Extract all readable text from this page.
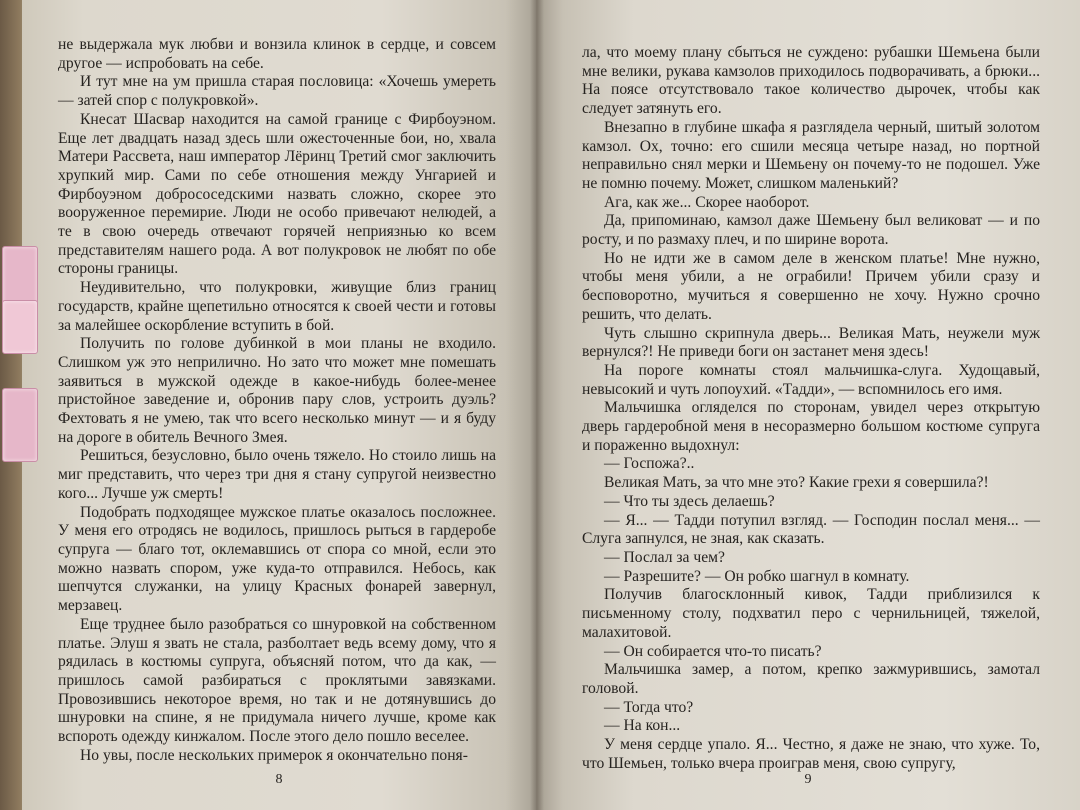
не выдержала мук любви и вонзила клинок в сердце, и совсем другое — испробовать на себе.

И тут мне на ум пришла старая пословица: «Хочешь умереть — затей спор с полукровкой».

Кнесат Шасвар находится на самой границе с Фирбоуэном. Еще лет двадцать назад здесь шли ожесточенные бои, но, хвала Матери Рассвета, наш император Лёринц Третий смог заключить хрупкий мир. Сами по себе отношения между Унгарией и Фирбоуэном добрососедскими назвать сложно, скорее это вооруженное перемирие. Люди не особо привечают нелюдей, а те в свою очередь отвечают горячей неприязнью ко всем представителям нашего рода. А вот полукровок не любят по обе стороны границы.

Неудивительно, что полукровки, живущие близ границ государств, крайне щепетильно относятся к своей чести и готовы за малейшее оскорбление вступить в бой.

Получить по голове дубинкой в мои планы не входило. Слишком уж это неприлично. Но зато что может мне помешать заявиться в мужской одежде в какое-нибудь более-менее пристойное заведение и, обронив пару слов, устроить дуэль? Фехтовать я не умею, так что всего несколько минут — и я буду на дороге в обитель Вечного Змея.

Решиться, безусловно, было очень тяжело. Но стоило лишь на миг представить, что через три дня я стану супругой неизвестно кого... Лучше уж смерть!

Подобрать подходящее мужское платье оказалось посложнее. У меня его отродясь не водилось, пришлось рыться в гардеробе супруга — благо тот, оклемавшись от спора со мной, если это можно назвать спором, уже куда-то отправился. Небось, как шепчутся служанки, на улицу Красных фонарей завернул, мерзавец.

Еще труднее было разобраться со шнуровкой на собственном платье. Элуш я звать не стала, разболтает ведь всему дому, что я рядилась в костюмы супруга, объясняй потом, что да как, — пришлось самой разбираться с проклятыми завязками. Провозившись некоторое время, но так и не дотянувшись до шнуровки на спине, я не придумала ничего лучше, кроме как вспороть одежду кинжалом. После этого дело пошло веселее.

Но увы, после нескольких примерок я окончательно поня-

8

ла, что моему плану сбыться не суждено: рубашки Шемьена были мне велики, рукава камзолов приходилось подворачивать, а брюки... На поясе отсутствовало такое количество дырочек, чтобы как следует затянуть его.

Внезапно в глубине шкафа я разглядела черный, шитый золотом камзол. Ох, точно: его сшили месяца четыре назад, но портной неправильно снял мерки и Шемьену он почему-то не подошел. Уже не помню почему. Может, слишком маленький?

Ага, как же... Скорее наоборот.

Да, припоминаю, камзол даже Шемьену был великоват — и по росту, и по размаху плеч, и по ширине ворота.

Но не идти же в самом деле в женском платье! Мне нужно, чтобы меня убили, а не ограбили! Причем убили сразу и бесповоротно, мучиться я совершенно не хочу. Нужно срочно решить, что делать.

Чуть слышно скрипнула дверь... Великая Мать, неужели муж вернулся?! Не приведи боги он застанет меня здесь!

На пороге комнаты стоял мальчишка-слуга. Худощавый, невысокий и чуть лопоухий. «Тадди», — вспомнилось его имя.

Мальчишка огляделся по сторонам, увидел через открытую дверь гардеробной меня в несоразмерно большом костюме супруга и пораженно выдохнул:

— Госпожа?..

Великая Мать, за что мне это? Какие грехи я совершила?!

— Что ты здесь делаешь?

— Я... — Тадди потупил взгляд. — Господин послал меня... — Слуга запнулся, не зная, как сказать.

— Послал за чем?

— Разрешите? — Он робко шагнул в комнату.

Получив благосклонный кивок, Тадди приблизился к письменному столу, подхватил перо с чернильницей, тяжелой, малахитовой.

— Он собирается что-то писать?

Мальчишка замер, а потом, крепко зажмурившись, замотал головой.

— Тогда что?

— На кон...

У меня сердце упало. Я... Честно, я даже не знаю, что хуже. То, что Шемьен, только вчера проиграв меня, свою супругу,

9
